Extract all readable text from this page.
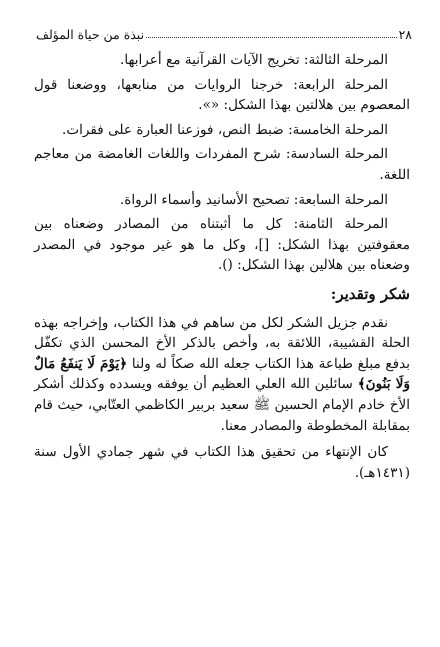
٢٨
نبذة من حياة المؤلف

المرحلة الثالثة: تخريج الآيات القرآنية مع أعرابها.

المرحلة الرابعة: خرجنا الروايات من منابعها، ووضعنا قول المعصوم بين هلالتين بهذا الشكل: «».

المرحلة الخامسة: ضبط النص، فوزعنا العبارة على فقرات.

المرحلة السادسة: شرح المفردات واللغات الغامضة من معاجم اللغة.

المرحلة السابعة: تصحيح الأسانيد وأسماء الرواة.

المرحلة الثامنة: كل ما أثبتناه من المصادر وضعناه بين معقوفتين بهذا الشكل: []، وكل ما هو غير موجود في المصدر وضعناه بين هلالين بهذا الشكل: ().

شكر وتقدير:

نقدم جزيل الشكر لكل من ساهم في هذا الكتاب، وإخراجه بهذه الحلة القشيبة، اللائقة به، وأخص بالذكر الأخ المحسن الذي تكفّل بدفع مبلغ طباعة هذا الكتاب جعله الله صكاً له ولنا ﴿يَوْمَ لَا يَنفَعُ مَالٌ وَلَا بَنُونَ﴾ سائلين الله العلي العظيم أن يوفقه ويسدده وكذلك أشكر الأخ خادم الإمام الحسين ﷺ سعيد بربير الكاظمي العتّابي، حيث قام بمقابلة المخطوطة والمصادر معنا.

كان الإنتهاء من تحقيق هذا الكتاب في شهر جمادي الأول سنة (١٤٣١هـ).
